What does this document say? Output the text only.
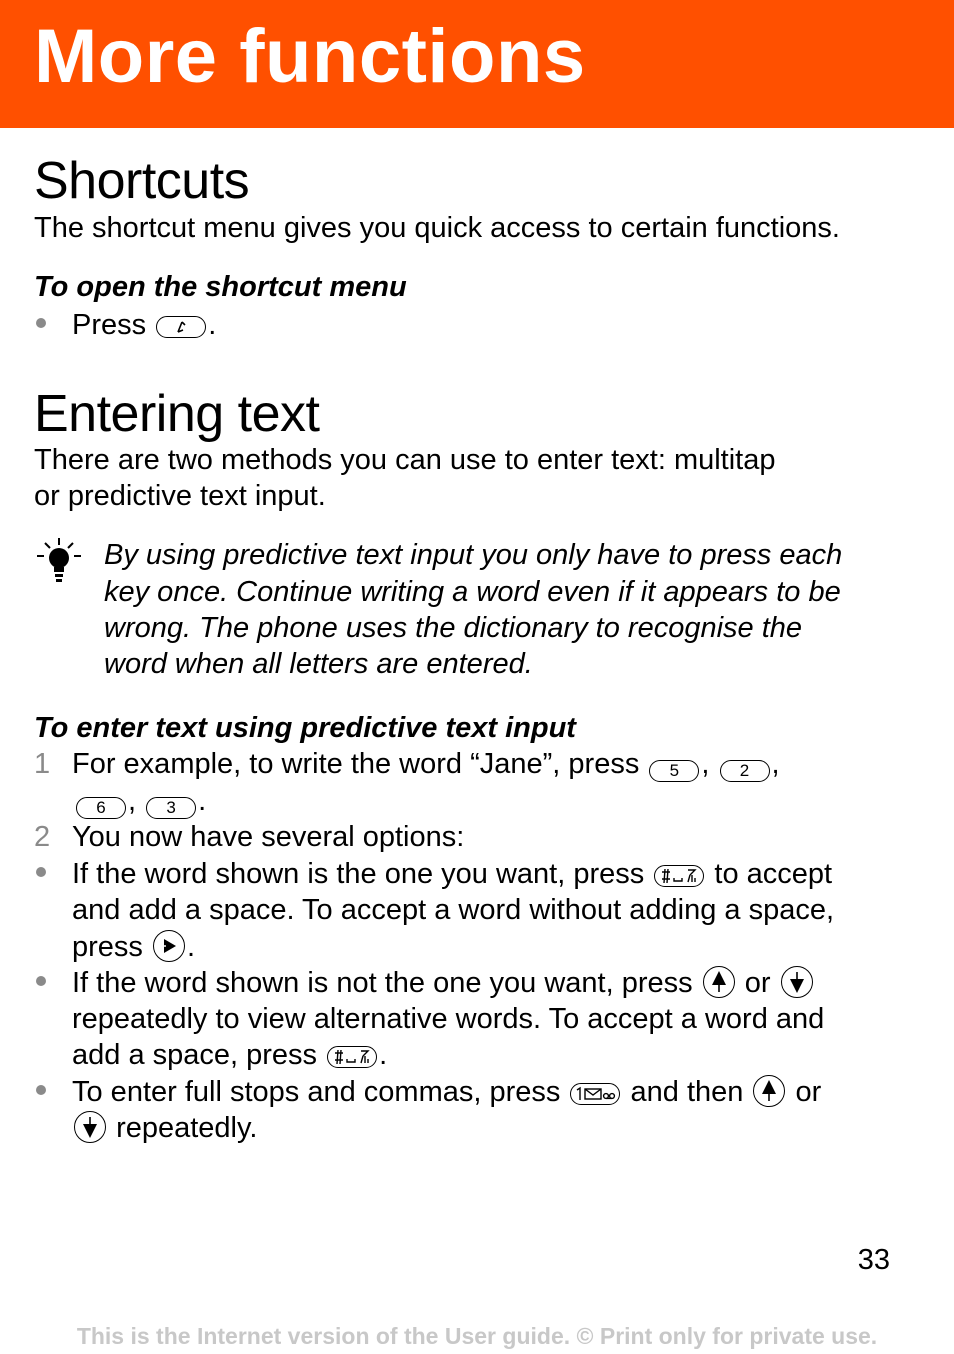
More functions
Shortcuts

The shortcut menu gives you quick access to certain functions.

To open the shortcut menu

Press .

Entering text

There are two methods you can use to enter text: multitap

or predictive text input.

By using predictive text input you only have to press each

key once. Continue writing a word even if it appears to be

wrong. The phone uses the dictionary to recognise the

word when all letters are entered.

To enter text using predictive text input

1 For example, to write the word “Jane”, press 5 , 2 ,

6 , 3 .

2 You now have several options:

If the word shown is the one you want, press to accept

and add a space. To accept a word without adding a space,

press .

If the word shown is not the one you want, press or

repeatedly to view alternative words. To accept a word and

add a space, press .

To enter full stops and commas, press and then or

repeatedly.

33
This is the Internet version of the User guide. © Print only for private use.
